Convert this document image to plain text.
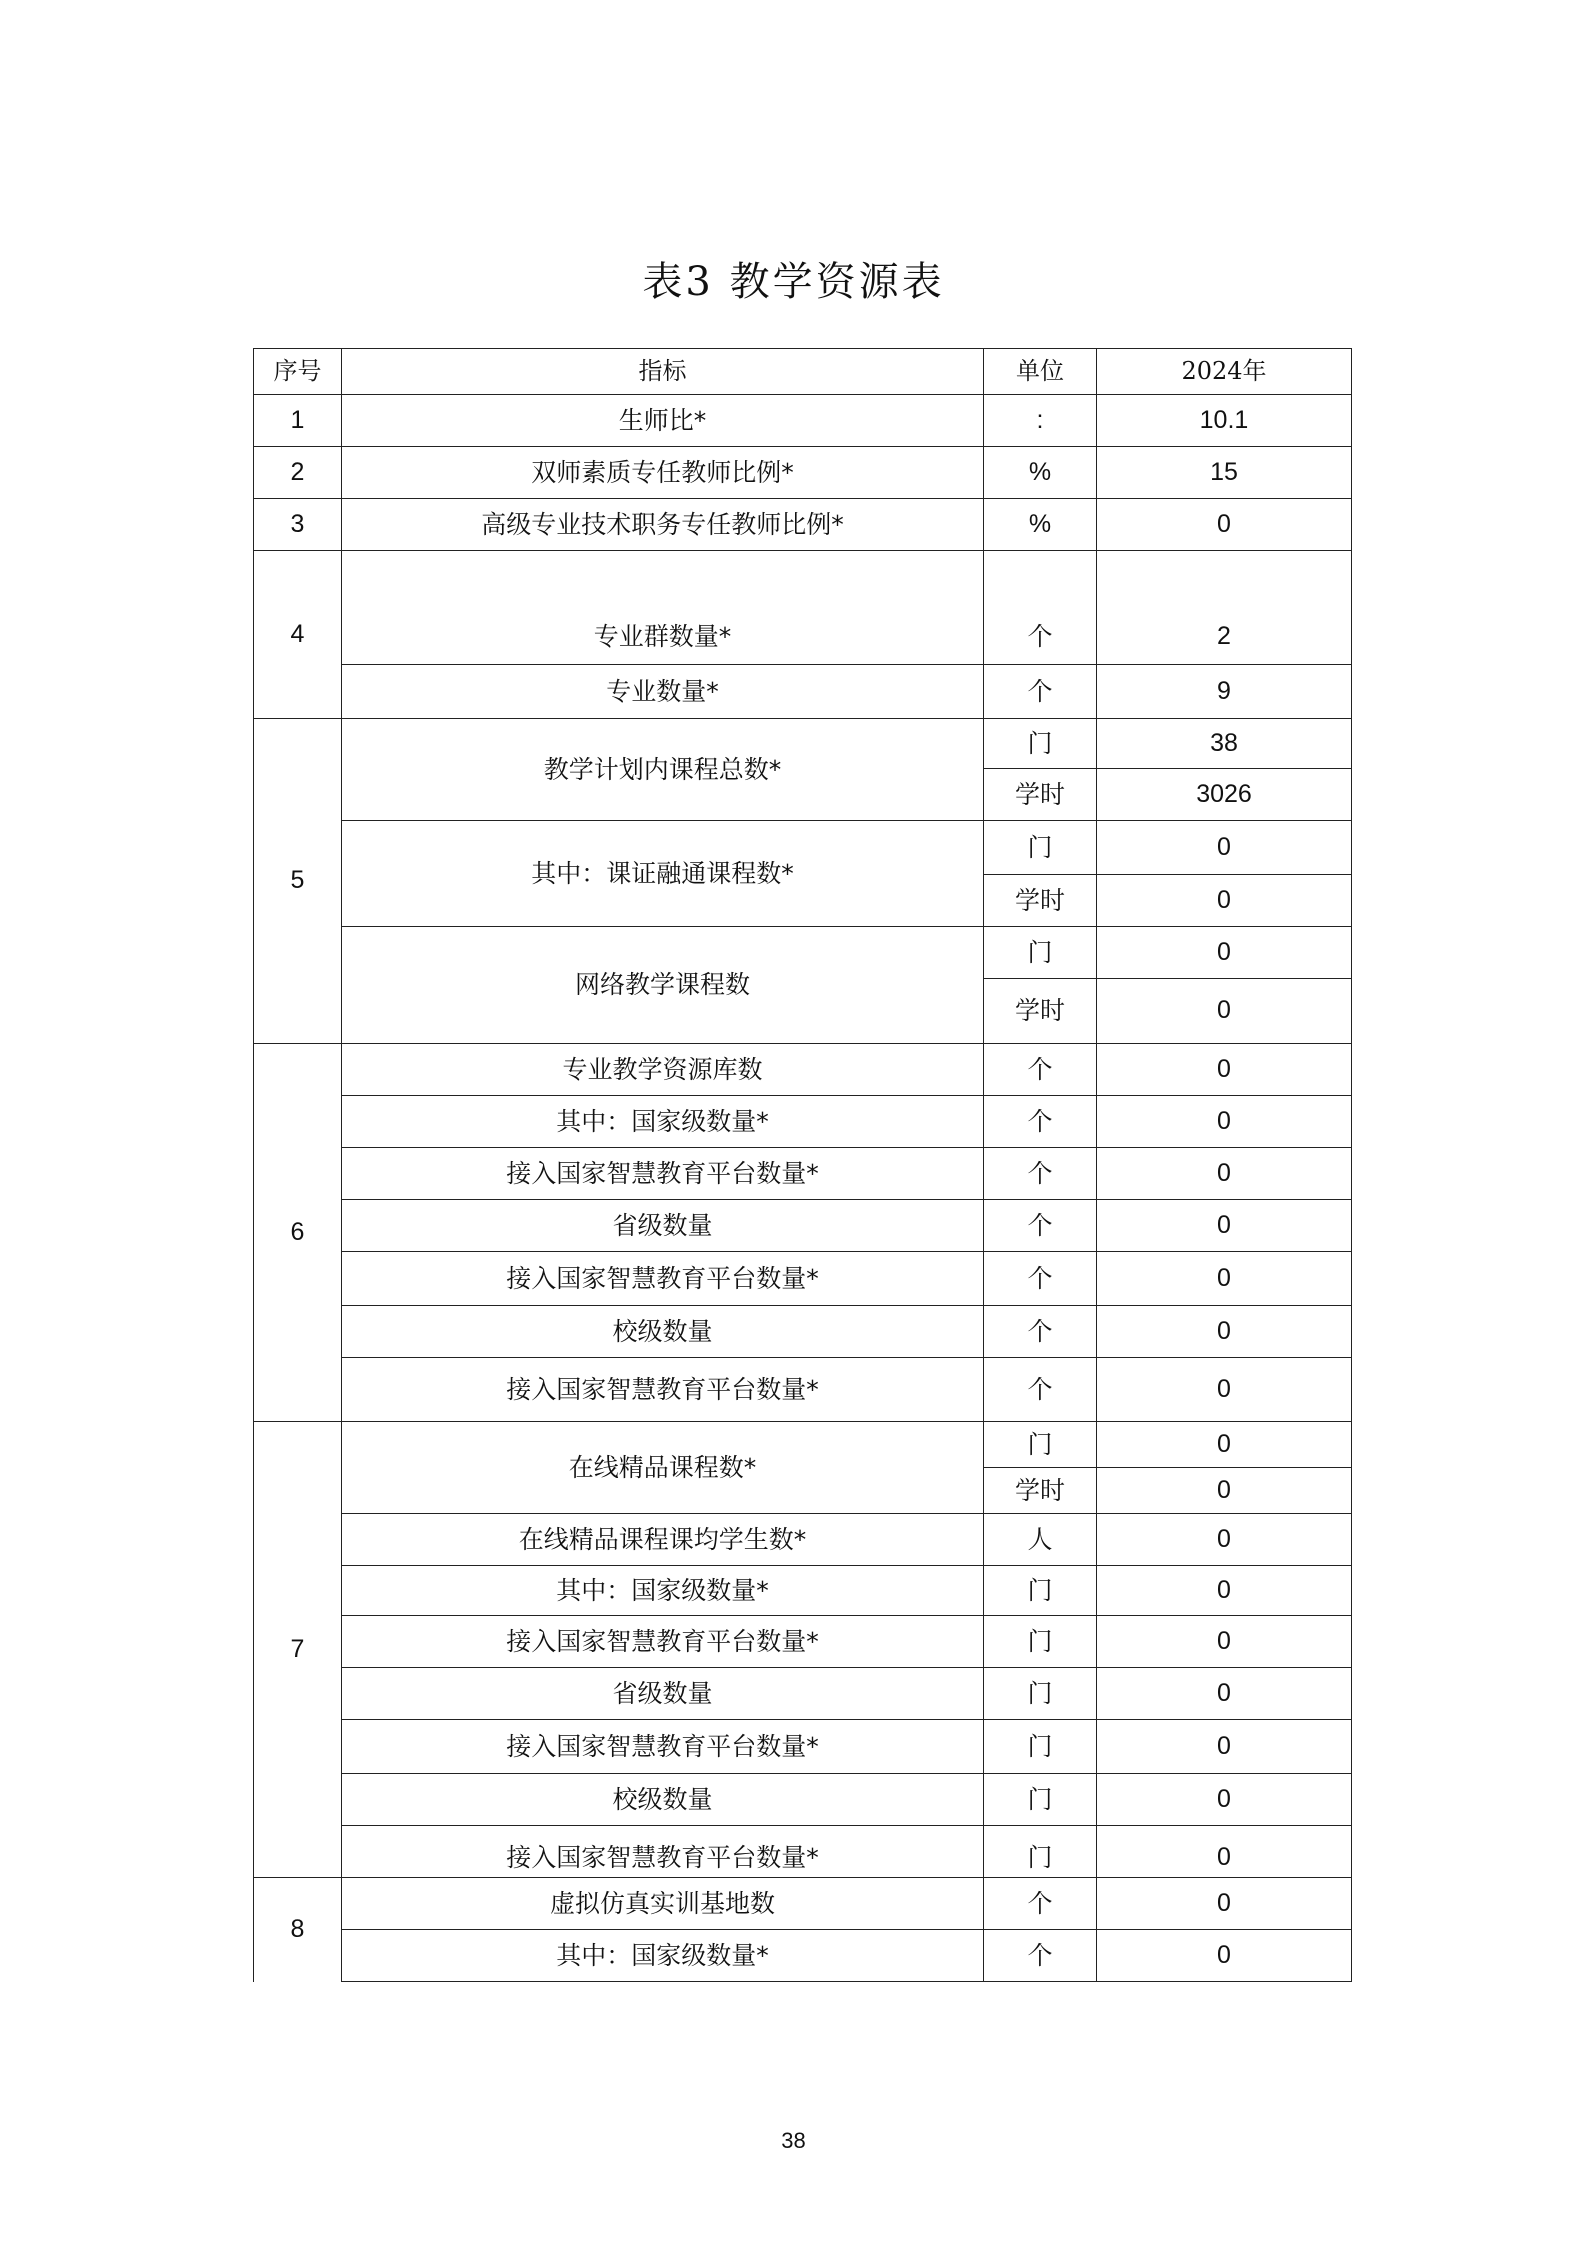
表3 教学资源表
序号	指标	单位	2024年
1	生师比*	:	10.1
2	双师素质专任教师比例*	%	15
3	高级专业技术职务专任教师比例*	%	0
4	专业群数量*	个	2
	专业数量*	个	9
5	教学计划内课程总数*	门	38
		学时	3026
	其中：课证融通课程数*	门	0
		学时	0
	网络教学课程数	门	0
		学时	0
6	专业教学资源库数	个	0
	其中：国家级数量*	个	0
	接入国家智慧教育平台数量*	个	0
	省级数量	个	0
	接入国家智慧教育平台数量*	个	0
	校级数量	个	0
	接入国家智慧教育平台数量*	个	0
7	在线精品课程数*	门	0
		学时	0
	在线精品课程课均学生数*	人	0
	其中：国家级数量*	门	0
	接入国家智慧教育平台数量*	门	0
	省级数量	门	0
	接入国家智慧教育平台数量*	门	0
	校级数量	门	0
	接入国家智慧教育平台数量*	门	0
8	虚拟仿真实训基地数	个	0
	其中：国家级数量*	个	0
38
